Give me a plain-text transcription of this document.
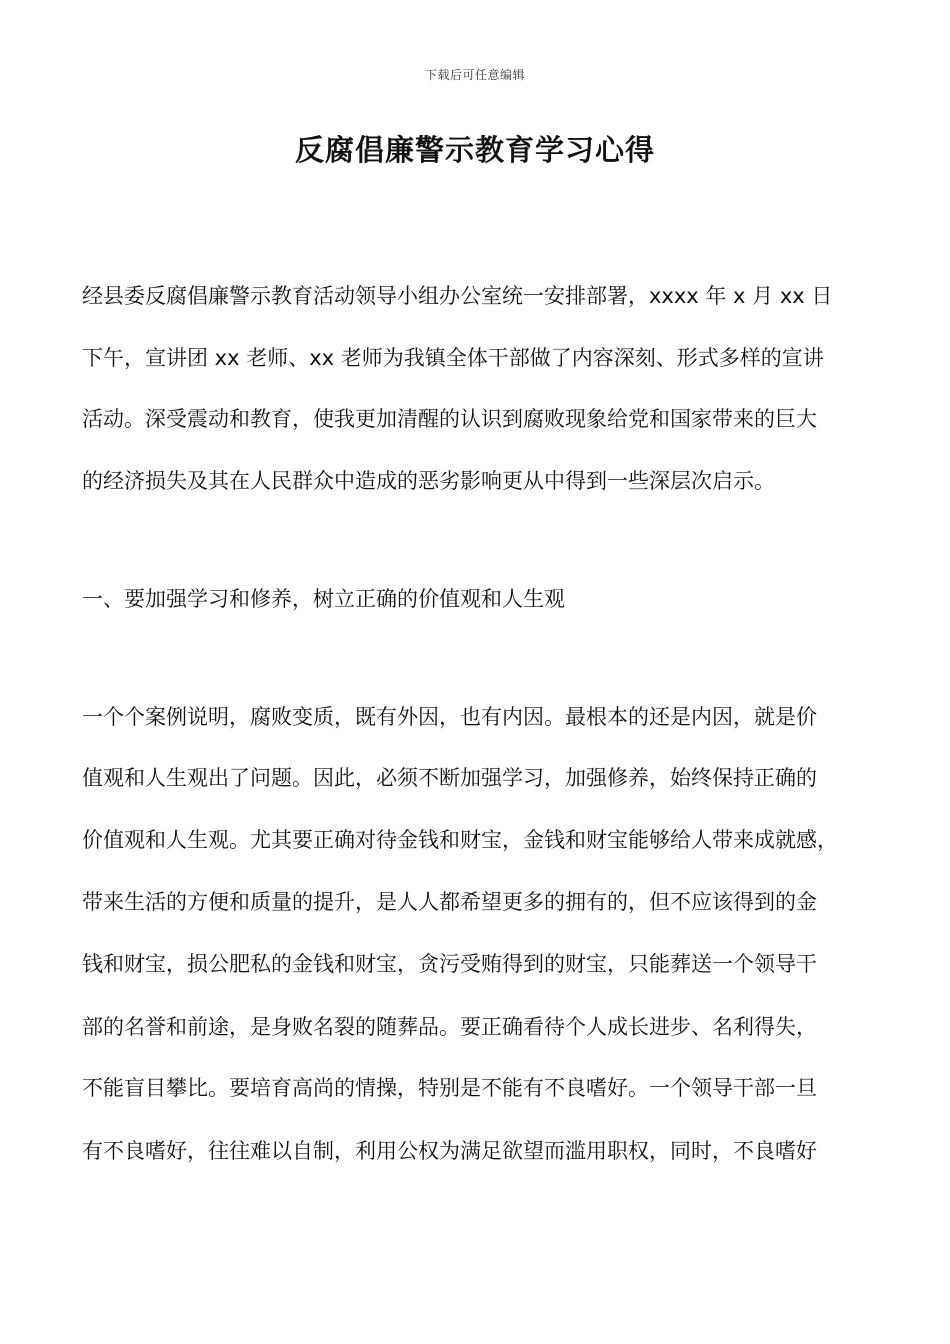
下载后可任意编辑
反腐倡廉警示教育学习心得
经县委反腐倡廉警示教育活动领导小组办公室统一安排部署，xxxx 年 x 月 xx 日
下午，宣讲团 xx 老师、xx 老师为我镇全体干部做了内容深刻、形式多样的宣讲
活动。深受震动和教育，使我更加清醒的认识到腐败现象给党和国家带来的巨大
的经济损失及其在人民群众中造成的恶劣影响更从中得到一些深层次启示。
一、要加强学习和修养，树立正确的价值观和人生观
一个个案例说明，腐败变质，既有外因，也有内因。最根本的还是内因，就是价
值观和人生观出了问题。因此，必须不断加强学习，加强修养，始终保持正确的
价值观和人生观。尤其要正确对待金钱和财宝，金钱和财宝能够给人带来成就感，
带来生活的方便和质量的提升，是人人都希望更多的拥有的，但不应该得到的金
钱和财宝，损公肥私的金钱和财宝，贪污受贿得到的财宝，只能葬送一个领导干
部的名誉和前途，是身败名裂的随葬品。要正确看待个人成长进步、名利得失，
不能盲目攀比。要培育高尚的情操，特别是不能有不良嗜好。一个领导干部一旦
有不良嗜好，往往难以自制，利用公权为满足欲望而滥用职权，同时，不良嗜好
